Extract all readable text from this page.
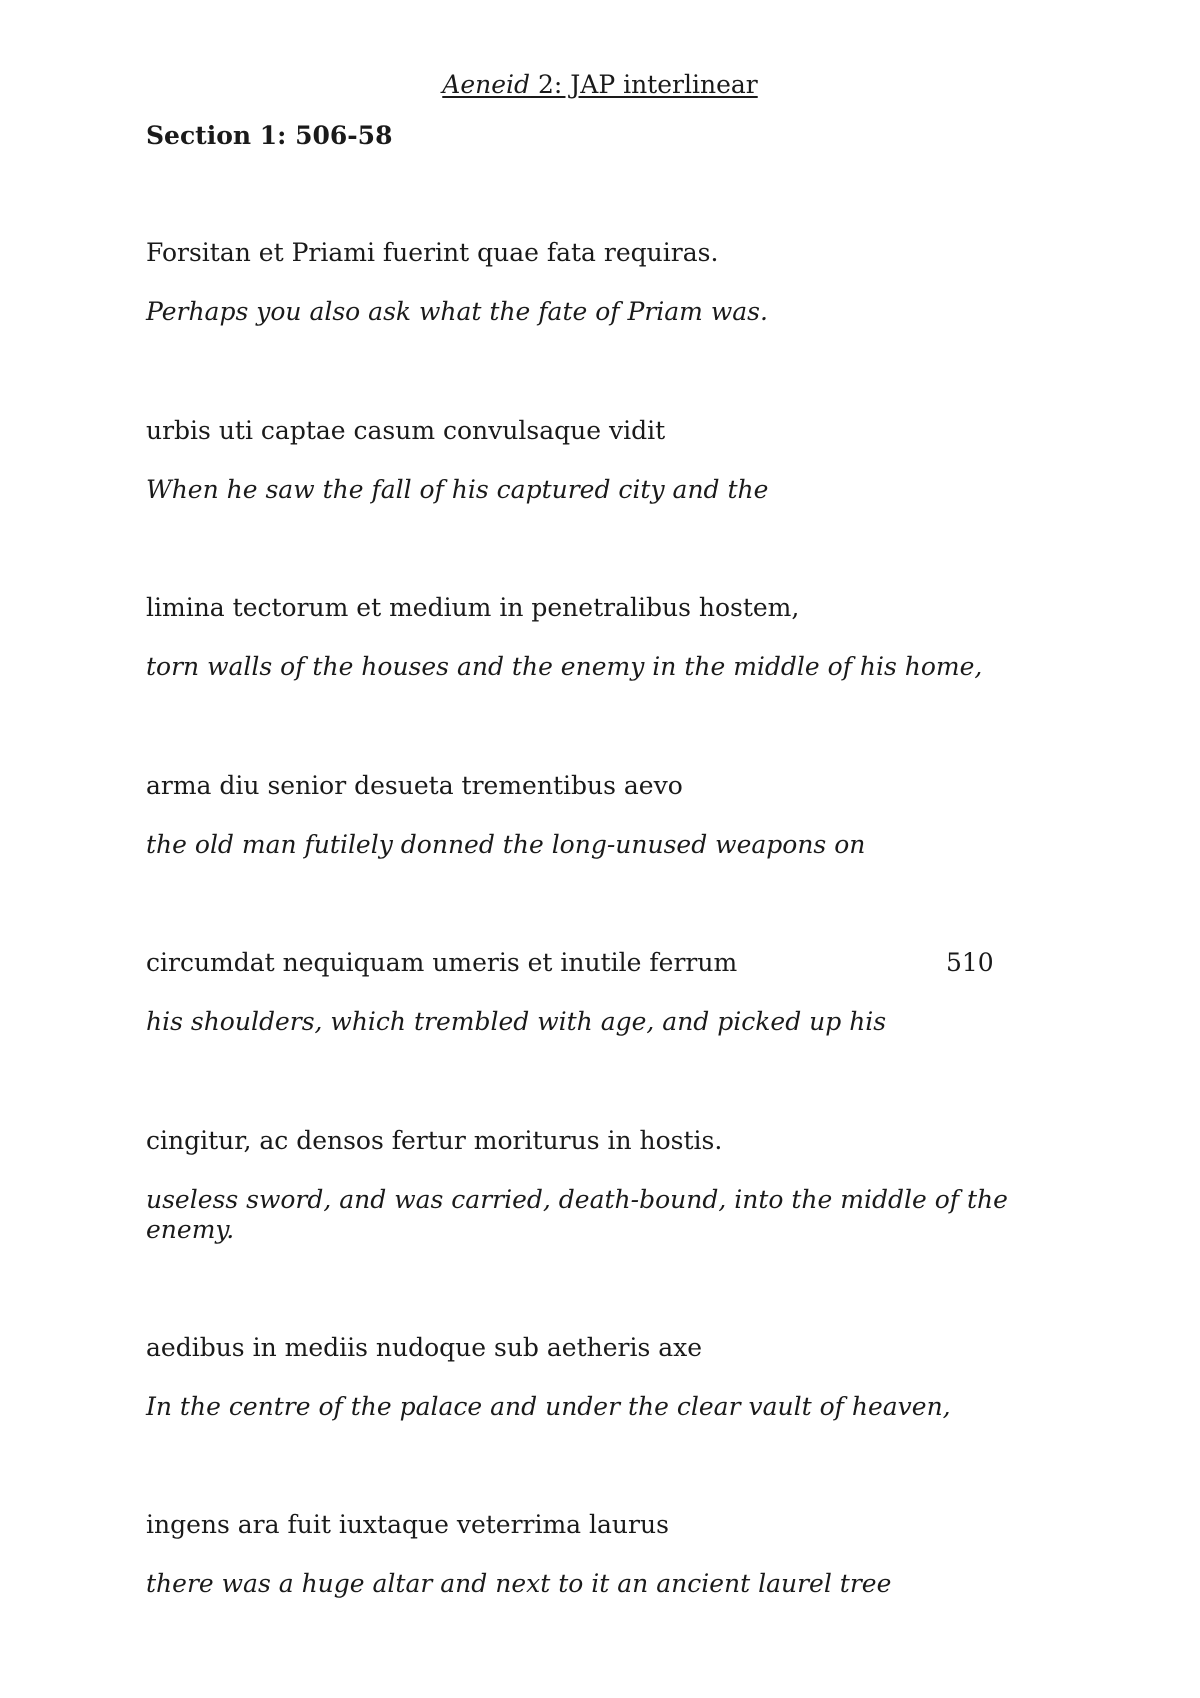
Aeneid 2: JAP interlinear
Section 1: 506-58
Forsitan et Priami fuerint quae fata requiras.
Perhaps you also ask what the fate of Priam was.
urbis uti captae casum convulsaque vidit
When he saw the fall of his captured city and the
limina tectorum et medium in penetralibus hostem,
torn walls of the houses and the enemy in the middle of his home,
arma diu senior desueta trementibus aevo
the old man futilely donned the long-unused weapons on
circumdat nequiquam umeris et inutile ferrum	510
his shoulders, which trembled with age, and picked up his
cingitur, ac densos fertur moriturus in hostis.
useless sword, and was carried, death-bound, into the middle of the enemy.
aedibus in mediis nudoque sub aetheris axe
In the centre of the palace and under the clear vault of heaven,
ingens ara fuit iuxtaque veterrima laurus
there was a huge altar and next to it an ancient laurel tree
